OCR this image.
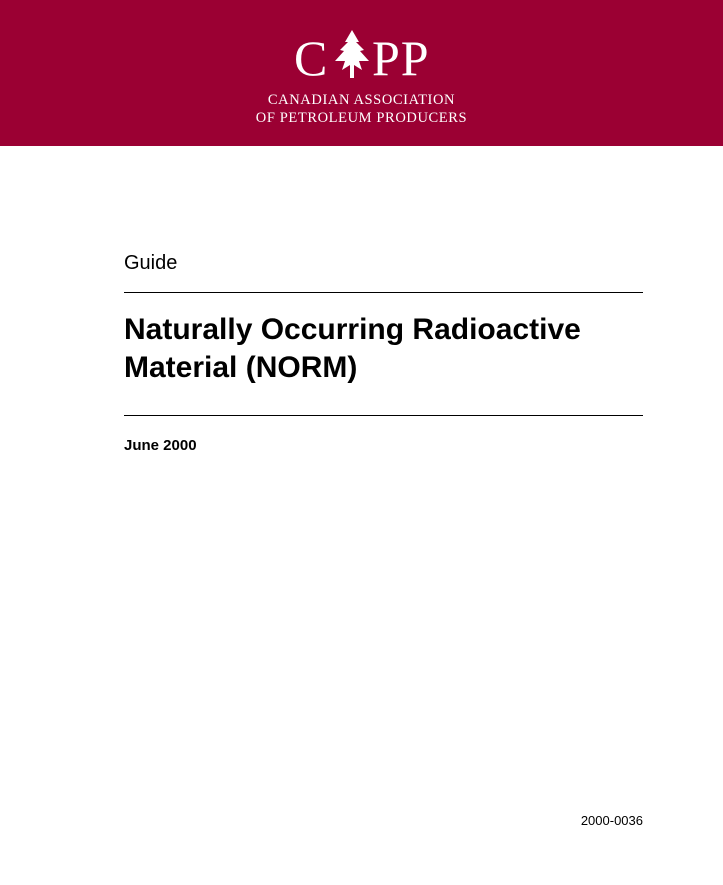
C PP
CANADIAN ASSOCIATION
OF PETROLEUM PRODUCERS
Guide
Naturally Occurring Radioactive
Material (NORM)
June 2000
2000-0036
